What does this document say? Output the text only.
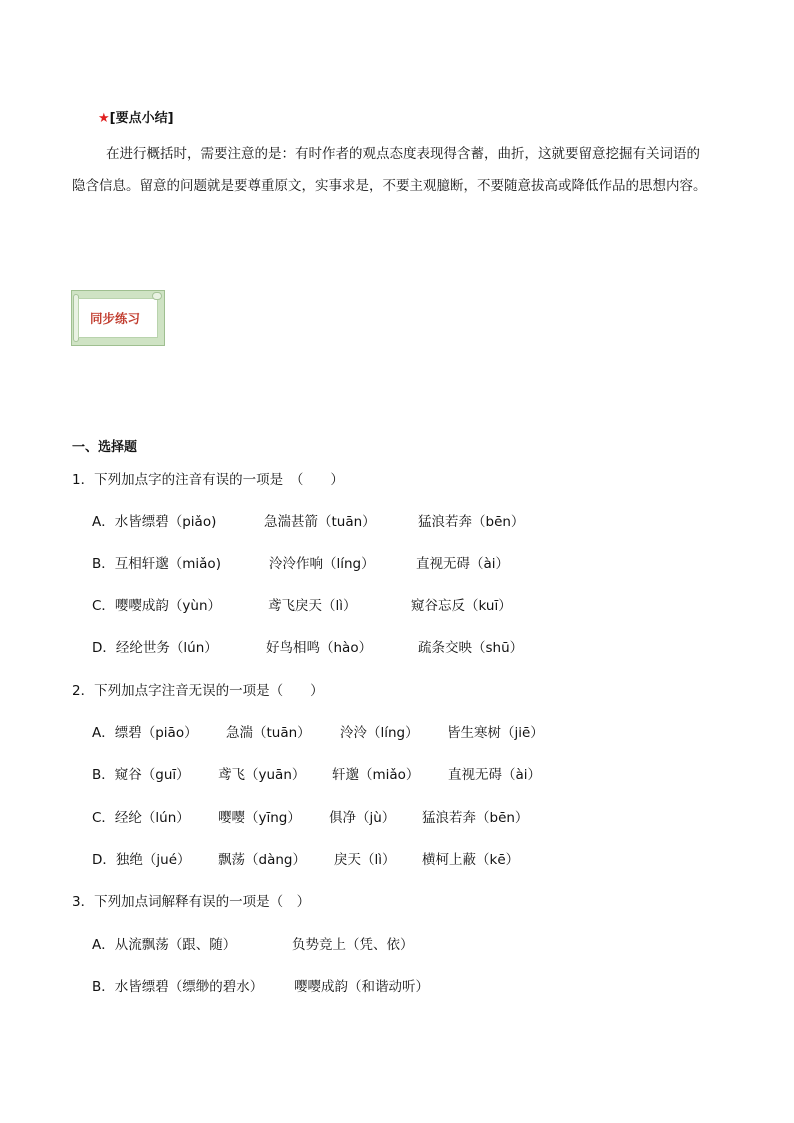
★[要点小结]
在进行概括时，需要注意的是：有时作者的观点态度表现得含蓄，曲折，这就要留意挖掘有关词语的
隐含信息。留意的问题就是要尊重原文，实事求是，不要主观臆断，不要随意拔高或降低作品的思想内容。
同步练习
一、选择题
1．下列加点字的注音有误的一项是　（　　）
A．水皆缥碧（piǎo)	急湍甚箭（tuān）	猛浪若奔（bēn）
B．互相轩邈（miǎo)	泠泠作响（líng）	直视无碍（ài）
C．嘤嘤成韵（yùn）	鸢飞戾天（lì）	窥谷忘反（kuī）
D．经纶世务（lún）	好鸟相鸣（hào）	疏条交映（shū）
2．下列加点字注音无误的一项是（　　）
A．缥碧（piāo） 急湍（tuān） 泠泠（líng） 皆生寒树（jiē）
B．窥谷（guī） 鸢飞（yuān） 轩邈（miǎo） 直视无碍（ài）
C．经纶（lún） 嘤嘤（yīng） 俱净（jù） 猛浪若奔（bēn）
D．独绝（jué） 飘荡（dàng） 戾天（lì） 横柯上蔽（kē）
3．下列加点词解释有误的一项是（　）
A．从流飘荡（跟、随）	负势竞上（凭、依）
B．水皆缥碧（缥缈的碧水） 嘤嘤成韵（和谐动听）
